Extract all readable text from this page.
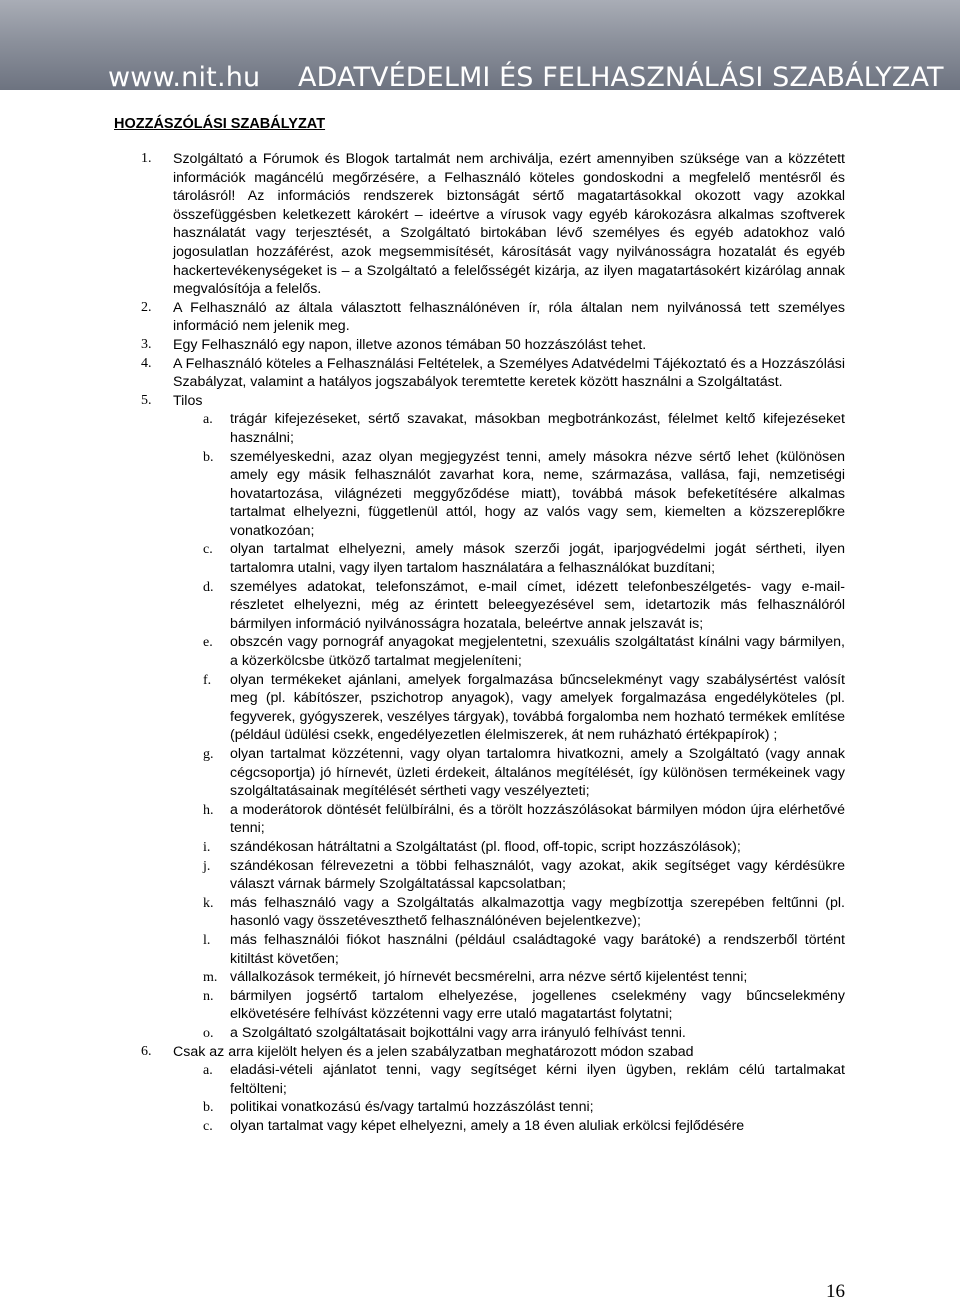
www.nit.hu ADATVÉDELMI ÉS FELHASZNÁLÁSI SZABÁLYZAT
HOZZÁSZÓLÁSI SZABÁLYZAT
1. Szolgáltató a Fórumok és Blogok tartalmát nem archiválja, ezért amennyiben szüksége van a közzétett információk magáncélú megőrzésére, a Felhasználó köteles gondoskodni a megfelelő mentésről és tárolásról! Az információs rendszerek biztonságát sértő magatartásokkal okozott vagy azokkal összefüggésben keletkezett károkért – ideértve a vírusok vagy egyéb károkozásra alkalmas szoftverek használatát vagy terjesztését, a Szolgáltató birtokában lévő személyes és egyéb adatokhoz való jogosulatlan hozzáférést, azok megsemmisítését, károsítását vagy nyilvánosságra hozatalát és egyéb hackertevékenységeket is – a Szolgáltató a felelősségét kizárja, az ilyen magatartásokért kizárólag annak megvalósítója a felelős.
2. A Felhasználó az általa választott felhasználónéven ír, róla általan nem nyilvánossá tett személyes információ nem jelenik meg.
3. Egy Felhasználó egy napon, illetve azonos témában 50 hozzászólást tehet.
4. A Felhasználó köteles a Felhasználási Feltételek, a Személyes Adatvédelmi Tájékoztató és a Hozzászólási Szabályzat, valamint a hatályos jogszabályok teremtette keretek között használni a Szolgáltatást.
5. Tilos
a. trágár kifejezéseket, sértő szavakat, másokban megbotránkozást, félelmet keltő kifejezéseket használni;
b. személyeskedni, azaz olyan megjegyzést tenni, amely másokra nézve sértő lehet (különösen amely egy másik felhasználót zavarhat kora, neme, származása, vallása, faji, nemzetiségi hovatartozása, világnézeti meggyőződése miatt), továbbá mások befeketítésére alkalmas tartalmat elhelyezni, függetlenül attól, hogy az valós vagy sem, kiemelten a közszereplőkre vonatkozóan;
c. olyan tartalmat elhelyezni, amely mások szerzői jogát, iparjogvédelmi jogát sértheti, ilyen tartalomra utalni, vagy ilyen tartalom használatára a felhasználókat buzdítani;
d. személyes adatokat, telefonszámot, e-mail címet, idézett telefonbeszélgetés- vagy e-mail-részletet elhelyezni, még az érintett beleegyezésével sem, idetartozik más felhasználóról bármilyen információ nyilvánosságra hozatala, beleértve annak jelszavát is;
e. obszcén vagy pornográf anyagokat megjelentetni, szexuális szolgáltatást kínálni vagy bármilyen, a közerkölcsbe ütköző tartalmat megjeleníteni;
f. olyan termékeket ajánlani, amelyek forgalmazása bűncselekményt vagy szabálysértést valósít meg (pl. kábítószer, pszichotrop anyagok), vagy amelyek forgalmazása engedélyköteles (pl. fegyverek, gyógyszerek, veszélyes tárgyak), továbbá forgalomba nem hozható termékek említése (például üdülési csekk, engedélyezetlen élelmiszerek, át nem ruházható értékpapírok) ;
g. olyan tartalmat közzétenni, vagy olyan tartalomra hivatkozni, amely a Szolgáltató (vagy annak cégcsoportja) jó hírnevét, üzleti érdekeit, általános megítélését, így különösen termékeinek vagy szolgáltatásainak megítélését sértheti vagy veszélyezteti;
h. a moderátorok döntését felülbírálni, és a törölt hozzászólásokat bármilyen módon újra elérhetővé tenni;
i. szándékosan hátráltatni a Szolgáltatást (pl. flood, off-topic, script hozzászólások);
j. szándékosan félrevezetni a többi felhasználót, vagy azokat, akik segítséget vagy kérdésükre választ várnak bármely Szolgáltatással kapcsolatban;
k. más felhasználó vagy a Szolgáltatás alkalmazottja vagy megbízottja szerepében feltűnni (pl. hasonló vagy összetéveszthető felhasználónéven bejelentkezve);
l. más felhasználói fiókot használni (például családtagoké vagy barátoké) a rendszerből történt kitiltást követően;
m. vállalkozások termékeit, jó hírnevét becsmérelni, arra nézve sértő kijelentést tenni;
n. bármilyen jogsértő tartalom elhelyezése, jogellenes cselekmény vagy bűncselekmény elkövetésére felhívást közzétenni vagy erre utaló magatartást folytatni;
o. a Szolgáltató szolgáltatásait bojkottálni vagy arra irányuló felhívást tenni.
6. Csak az arra kijelölt helyen és a jelen szabályzatban meghatározott módon szabad
a. eladási-vételi ajánlatot tenni, vagy segítséget kérni ilyen ügyben, reklám célú tartalmakat feltölteni;
b. politikai vonatkozású és/vagy tartalmú hozzászólást tenni;
c. olyan tartalmat vagy képet elhelyezni, amely a 18 éven aluliak erkölcsi fejlődésére
16
